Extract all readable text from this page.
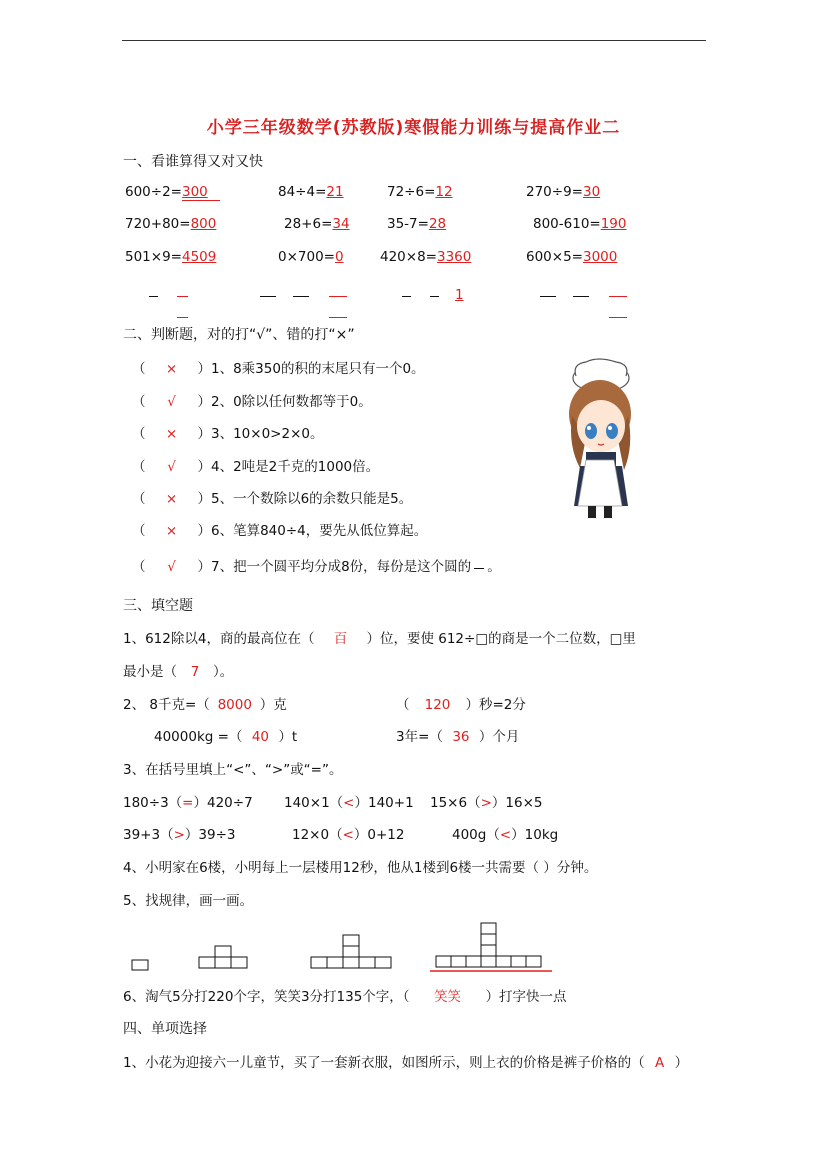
小学三年级数学(苏教版)寒假能力训练与提高作业二
一、看谁算得又对又快
600÷2=300	84÷4=21	72÷6=12	270÷9=30
720+80=800	28+6=34	35-7=28	800-610=190
501×9=4509	0×700=0	420×8=3360	600×5=3000
1
二、判断题，对的打“√”、错的打“×”
（ × ）1、8乘350的积的末尾只有一个0。
（ √ ）2、0除以任何数都等于0。
（ × ）3、10×0>2×0。
（ √ ）4、2吨是2千克的1000倍。
（ × ）5、一个数除以6的余数只能是5。
（ × ）6、笔算840÷4，要先从低位算起。
（ √ ）7、把一个圆平均分成8份，每份是这个圆的 。
三、填空题
1、612除以4，商的最高位在（ 百 ）位，要使 612÷□的商是一个二位数，□里
最小是（ 7 ）。
2、 8千克=（ 8000 ）克	（ 120 ）秒=2分
40000kg =（ 40 ）t	3年=（ 36 ）个月
3、在括号里填上“<”、“>”或“=”。
180÷3（=）420÷7 140×1（<）140+1 15×6（>）16×5
39+3（>）39÷3	12×0（<）0+12	400g（<）10kg
4、小明家在6楼，小明每上一层楼用12秒，他从1楼到6楼一共需要（ ）分钟。
5、找规律，画一画。
6、淘气5分打220个字，笑笑3分打135个字，（ 笑笑 ）打字快一点
四、单项选择
1、小花为迎接六一儿童节，买了一套新衣服，如图所示，则上衣的价格是裤子价格的（ A ）
